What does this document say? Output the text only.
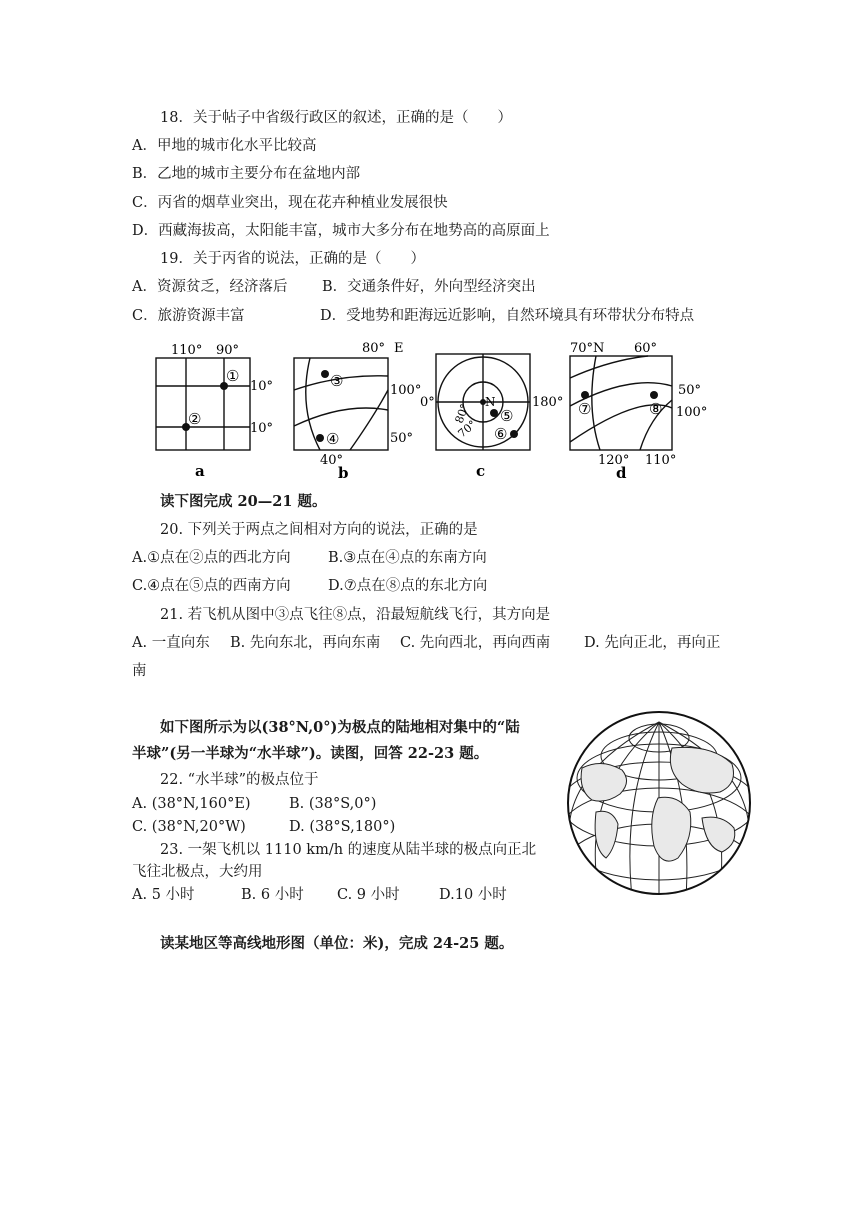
18．关于帖子中省级行政区的叙述，正确的是（　　）
A．甲地的城市化水平比较高
B．乙地的城市主要分布在盆地内部
C．丙省的烟草业突出，现在花卉种植业发展很快
D．西藏海拔高，太阳能丰富，城市大多分布在地势高的高原面上
19．关于丙省的说法，正确的是（　　）
A．资源贫乏，经济落后 B．交通条件好，外向型经济突出
C．旅游资源丰富	D．受地势和距海远近影响，自然环境具有环带状分布特点
110° 90°
10°
10°
①
②
a
80° E
100°
50°
40°
③
④
b
0°	180°
N
80°
70°
⑤
⑥
c
70°N 60°
50°
100°
120° 110°
⑦	⑧
d
读下图完成 20—21 题。
20. 下列关于两点之间相对方向的说法，正确的是
A.①点在②点的西北方向	B.③点在④点的东南方向
C.④点在⑤点的西南方向	D.⑦点在⑧点的东北方向
21. 若飞机从图中③点飞往⑧点，沿最短航线飞行，其方向是
A. 一直向东 B. 先向东北，再向东南 C. 先向西北，再向西南 D. 先向正北，再向正
南
如下图所示为以(38°N,0°)为极点的陆地相对集中的“陆
半球”(另一半球为“水半球”)。读图，回答 22-23 题。
22. “水半球”的极点位于
A. (38°N,160°E)	B. (38°S,0°)
C. (38°N,20°W)	D. (38°S,180°)
23. 一架飞机以 1110 km/h 的速度从陆半球的极点向正北
飞往北极点，大约用
A. 5 小时	B. 6 小时 C. 9 小时	D.10 小时
读某地区等高线地形图（单位：米)，完成 24-25 题。
